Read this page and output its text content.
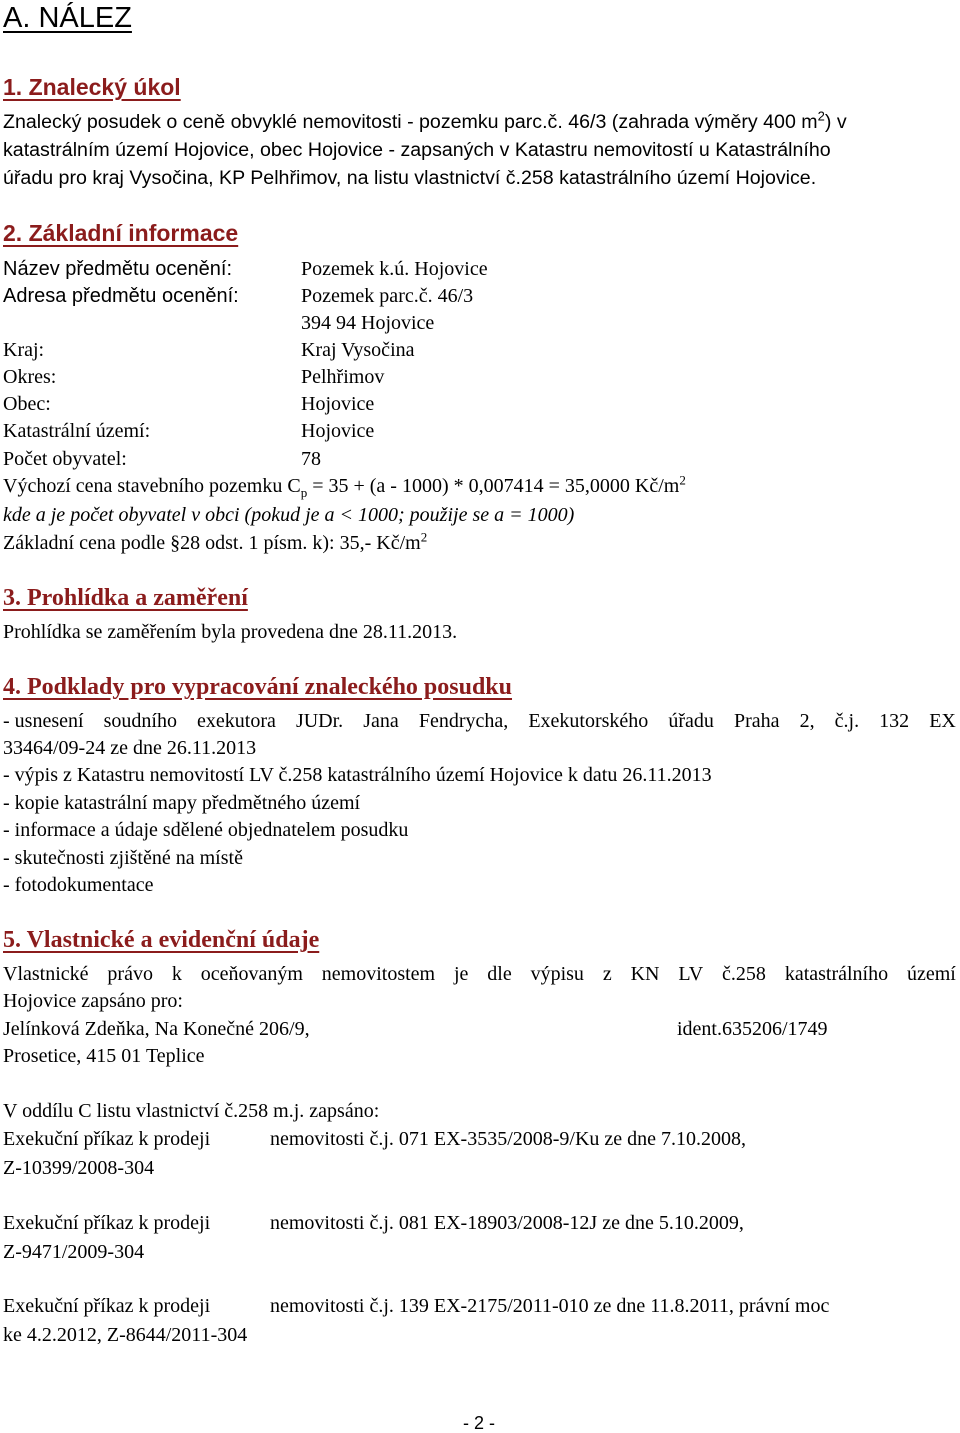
A. NÁLEZ
1. Znalecký úkol
Znalecký posudek o ceně obvyklé nemovitosti - pozemku parc.č. 46/3 (zahrada výměry 400 $m^2$) v
katastrálním území Hojovice, obec Hojovice - zapsaných v Katastru nemovitostí u Katastrálního
úřadu pro kraj Vysočina, KP Pelhřimov, na listu vlastnictví č.258 katastrálního území Hojovice.
2. Základní informace
Název předmětu ocenění:	Pozemek k.ú. Hojovice
Adresa předmětu ocenění:	Pozemek parc.č. 46/3
394 94 Hojovice
Kraj:	Kraj Vysočina
Okres:	Pelhřimov
Obec:	Hojovice
Katastrální území:	Hojovice
Počet obyvatel:	78
Výchozí cena stavebního pozemku $C_p = 35 + (a - 1000) * 0,007414 = 35,0000$ $Kč/m^2$
kde a je počet obyvatel v obci (pokud je a < 1000; použije se a = 1000)
Základní cena podle §28 odst. 1 písm. k): 35,- $Kč/m^2$
3. Prohlídka a zaměření
Prohlídka se zaměřením byla provedena dne 28.11.2013.
4. Podklady pro vypracování znaleckého posudku
- usnesení soudního exekutora JUDr. Jana Fendrycha, Exekutorského úřadu Praha 2, č.j. 132 EX
33464/09-24 ze dne 26.11.2013
- výpis z Katastru nemovitostí LV č.258 katastrálního území Hojovice k datu 26.11.2013
- kopie katastrální mapy předmětného území
- informace a údaje sdělené objednatelem posudku
- skutečnosti zjištěné na místě
- fotodokumentace
5. Vlastnické a evidenční údaje
Vlastnické právo k oceňovaným nemovitostem je dle výpisu z KN LV č.258 katastrálního území
Hojovice zapsáno pro:
Jelínková Zdeňka, Na Konečné 206/9,	ident.635206/1749
Prosetice, 415 01 Teplice
V oddílu C listu vlastnictví č.258 m.j. zapsáno:
Exekuční příkaz k prodeji	nemovitosti č.j. 071 EX-3535/2008-9/Ku ze dne 7.10.2008,
Z-10399/2008-304
Exekuční příkaz k prodeji	nemovitosti č.j. 081 EX-18903/2008-12J ze dne 5.10.2009,
Z-9471/2009-304
Exekuční příkaz k prodeji	nemovitosti č.j. 139 EX-2175/2011-010 ze dne 11.8.2011, právní moc
ke 4.2.2012, Z-8644/2011-304
- 2 -
